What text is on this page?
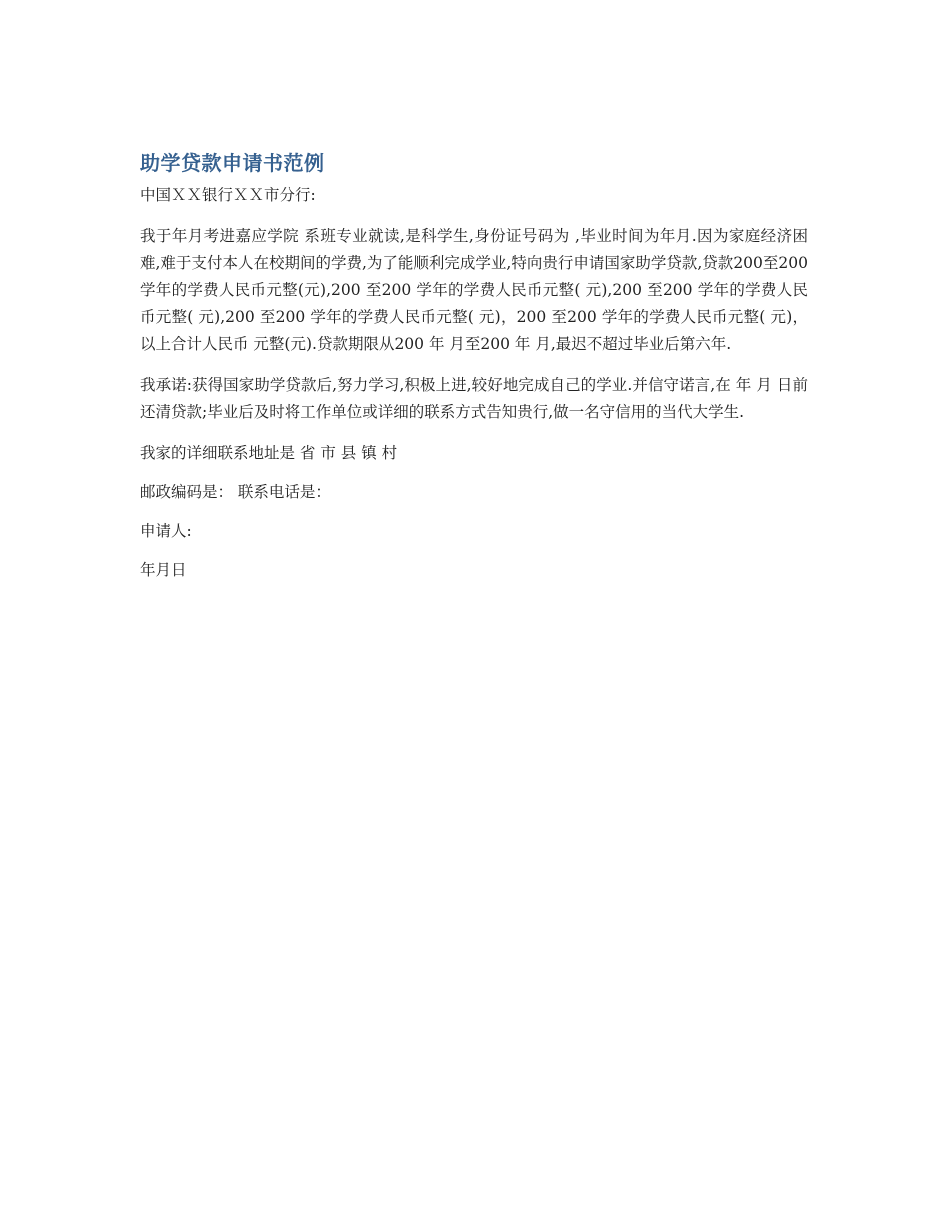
助学贷款申请书范例

中国ＸＸ银行ＸＸ市分行:

我于年月考进嘉应学院 系班专业就读,是科学生,身份证号码为 ,毕业时间为年月.因为家庭经济困难,难于支付本人在校期间的学费,为了能顺利完成学业,特向贵行申请国家助学贷款,贷款200至200学年的学费人民币元整(元),200 至200 学年的学费人民币元整( 元),200 至200 学年的学费人民币元整( 元),200 至200 学年的学费人民币元整( 元)，200 至200 学年的学费人民币元整( 元)，以上合计人民币 元整(元).贷款期限从200 年 月至200 年 月,最迟不超过毕业后第六年.

我承诺:获得国家助学贷款后,努力学习,积极上进,较好地完成自己的学业.并信守诺言,在 年 月 日前还清贷款;毕业后及时将工作单位或详细的联系方式告知贵行,做一名守信用的当代大学生.

我家的详细联系地址是 省 市 县 镇 村

邮政编码是： 联系电话是：

申请人:

年月日
